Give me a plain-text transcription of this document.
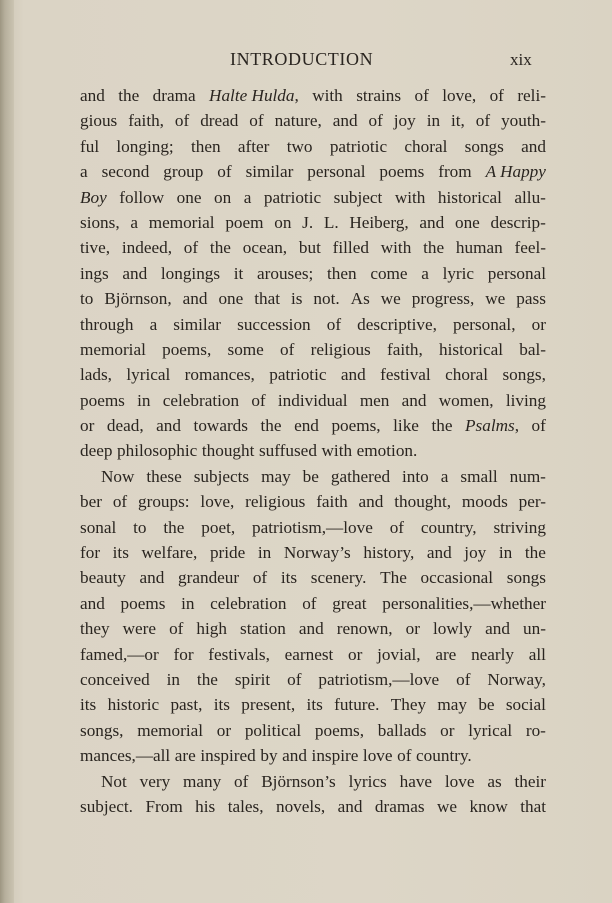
INTRODUCTION	xix
and the drama Halte Hulda, with strains of love, of reli-
gious faith, of dread of nature, and of joy in it, of youth-
ful longing; then after two patriotic choral songs and
a second group of similar personal poems from A Happy
Boy follow one on a patriotic subject with historical allu-
sions, a memorial poem on J. L. Heiberg, and one descrip-
tive, indeed, of the ocean, but filled with the human feel-
ings and longings it arouses; then come a lyric personal
to Björnson, and one that is not. As we progress, we pass
through a similar succession of descriptive, personal, or
memorial poems, some of religious faith, historical bal-
lads, lyrical romances, patriotic and festival choral songs,
poems in celebration of individual men and women, living
or dead, and towards the end poems, like the Psalms, of
deep philosophic thought suffused with emotion.
Now these subjects may be gathered into a small num-
ber of groups: love, religious faith and thought, moods per-
sonal to the poet, patriotism,—love of country, striving
for its welfare, pride in Norway’s history, and joy in the
beauty and grandeur of its scenery. The occasional songs
and poems in celebration of great personalities,—whether
they were of high station and renown, or lowly and un-
famed,—or for festivals, earnest or jovial, are nearly all
conceived in the spirit of patriotism,—love of Norway,
its historic past, its present, its future. They may be social
songs, memorial or political poems, ballads or lyrical ro-
mances,—all are inspired by and inspire love of country.
Not very many of Björnson’s lyrics have love as their
subject. From his tales, novels, and dramas we know that
